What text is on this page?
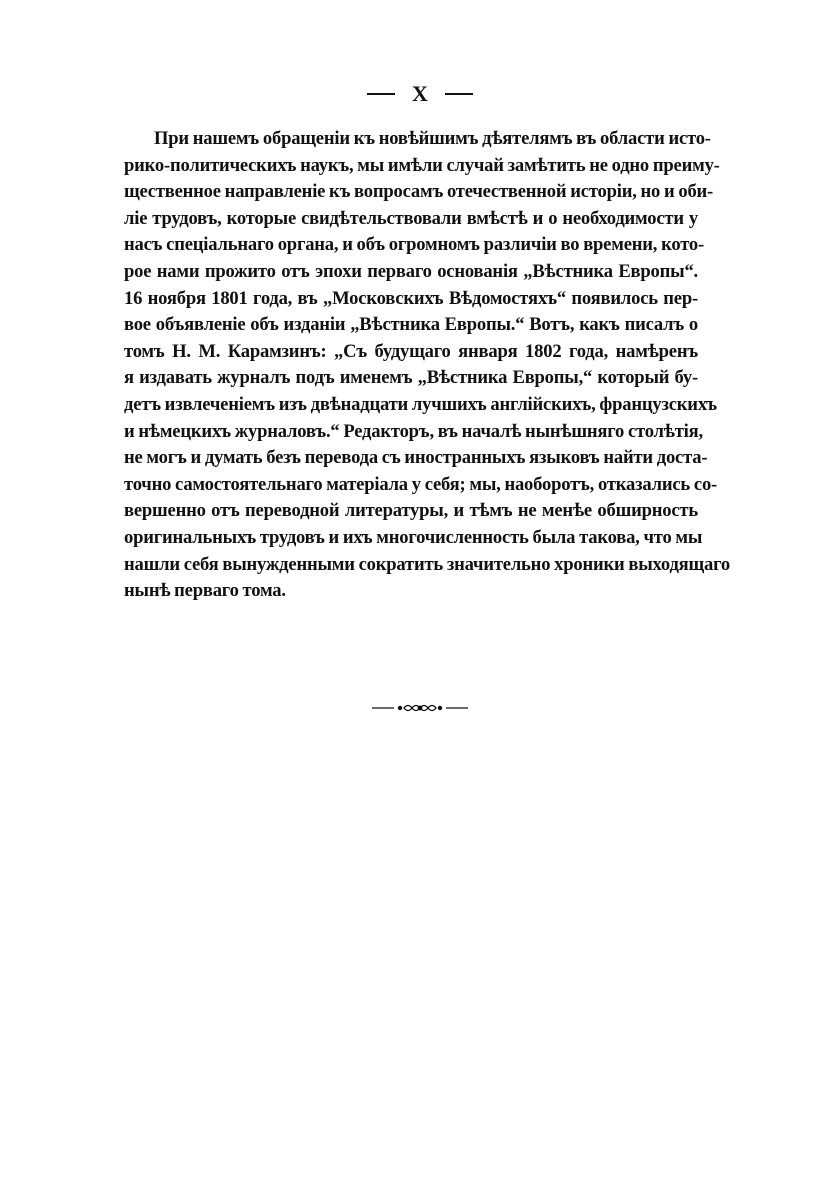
X
При нашемъ обращенiи къ новѣйшимъ дѣятелямъ въ области исто-
рико-политическихъ наукъ, мы имѣли случай замѣтить не одно преиму-
щественное направленiе къ вопросамъ отечественной исторiи, но и оби-
лiе трудовъ, которые свидѣтельствовали вмѣстѣ и о необходимости у
насъ спецiальнаго органа, и объ огромномъ различiи во времени, кото-
рое нами прожито отъ эпохи перваго основанiя „Вѣстника Европы“.
16 ноября 1801 года, въ „Московскихъ Вѣдомостяхъ“ появилось пер-
вое объявленiе объ изданiи „Вѣстника Европы.“ Вотъ, какъ писалъ о
томъ Н. М. Карамзинъ: „Съ будущаго января 1802 года, намѣренъ
я издавать журналъ подъ именемъ „Вѣстника Европы,“ который бу-
детъ извлеченiемъ изъ двѣнадцати лучшихъ англiйскихъ, французскихъ
и нѣмецкихъ журналовъ.“ Редакторъ, въ началѣ нынѣшняго столѣтiя,
не могъ и думать безъ перевода съ иностранныхъ языковъ найти доста-
точно самостоятельнаго матерiала у себя; мы, наоборотъ, отказались со-
вершенно отъ переводной литературы, и тѣмъ не менѣе обширность
оригинальныхъ трудовъ и ихъ многочисленность была такова, что мы
нашли себя вынужденными сократить значительно хроники выходящаго
нынѣ перваго тома.
